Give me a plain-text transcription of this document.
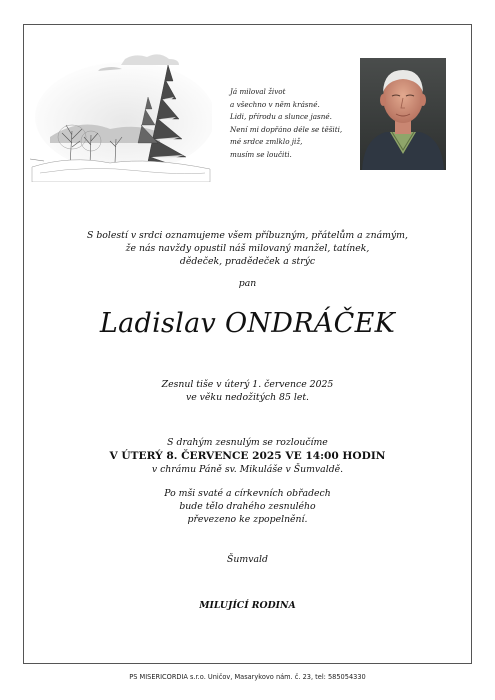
Já miloval život
a všechno v něm krásné.
Lidi, přírodu a slunce jasné.
Není mi dopřáno déle se těšiti,
mé srdce zmlklo již,
musím se loučiti.
S bolestí v srdci oznamujeme všem příbuzným, přátelům a známým,
že nás navždy opustil náš milovaný manžel, tatínek,
dědeček, pradědeček a strýc
pan
Ladislav ONDRÁČEK
Zesnul tiše v úterý 1. července 2025
ve věku nedožitých 85 let.
S drahým zesnulým se rozloučíme
V ÚTERÝ 8. ČERVENCE 2025 VE 14:00 HODIN
v chrámu Páně sv. Mikuláše v Šumvaldě.
Po mši svaté a církevních obřadech
bude tělo drahého zesnulého
převezeno ke zpopelnění.
Šumvald
MILUJÍCÍ RODINA
PS MISERICORDIA s.r.o. Uničov, Masarykovo nám. č. 23, tel: 585054330
